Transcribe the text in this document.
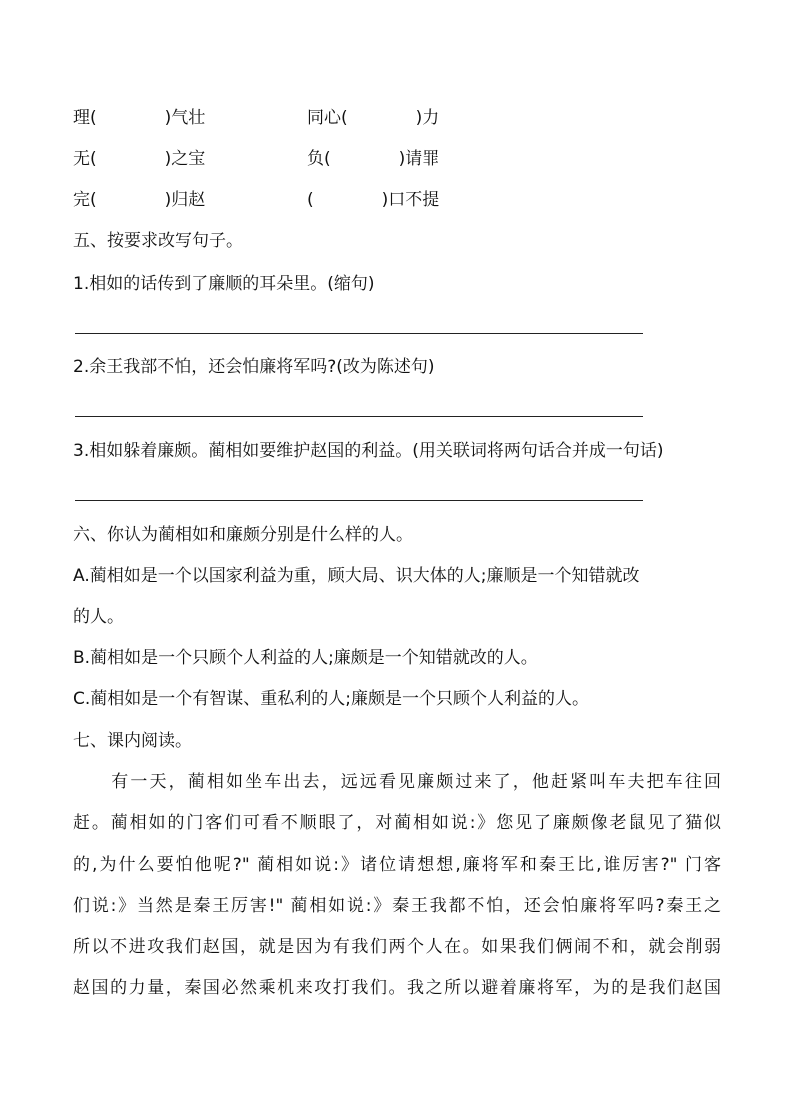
理(　　　　)气壮	同心(　　　　)力
无(　　　　)之宝	负(　　　　)请罪
完(　　　　)归赵	(　　　　)口不提
五、按要求改写句子。
1.相如的话传到了廉顺的耳朵里。(缩句)
2.余王我部不怕，还会怕廉将军吗?(改为陈述句)
3.相如躲着廉颇。蔺相如要维护赵国的利益。(用关联词将两句话合并成一句话)
六、你认为蔺相如和廉颇分别是什么样的人。
A.蔺相如是一个以国家利益为重，顾大局、识大体的人;廉顺是一个知错就改
的人。
B.蔺相如是一个只顾个人利益的人;廉颇是一个知错就改的人。
C.蔺相如是一个有智谋、重私利的人;廉颇是一个只顾个人利益的人。
七、课内阅读。
　　有一天，蔺相如坐车出去，远远看见廉颇过来了，他赶紧叫车夫把车往回
赶。蔺相如的门客们可看不顺眼了，对蔺相如说:》您见了廉颇像老鼠见了猫似
的,为什么要怕他呢?" 蔺相如说:》诸位请想想,廉将军和秦王比,谁厉害?" 门客
们说:》当然是秦王厉害!" 蔺相如说:》秦王我都不怕，还会怕廉将军吗?秦王之
所以不进攻我们赵国，就是因为有我们两个人在。如果我们俩闹不和，就会削弱
赵国的力量，秦国必然乘机来攻打我们。我之所以避着廉将军，为的是我们赵国
